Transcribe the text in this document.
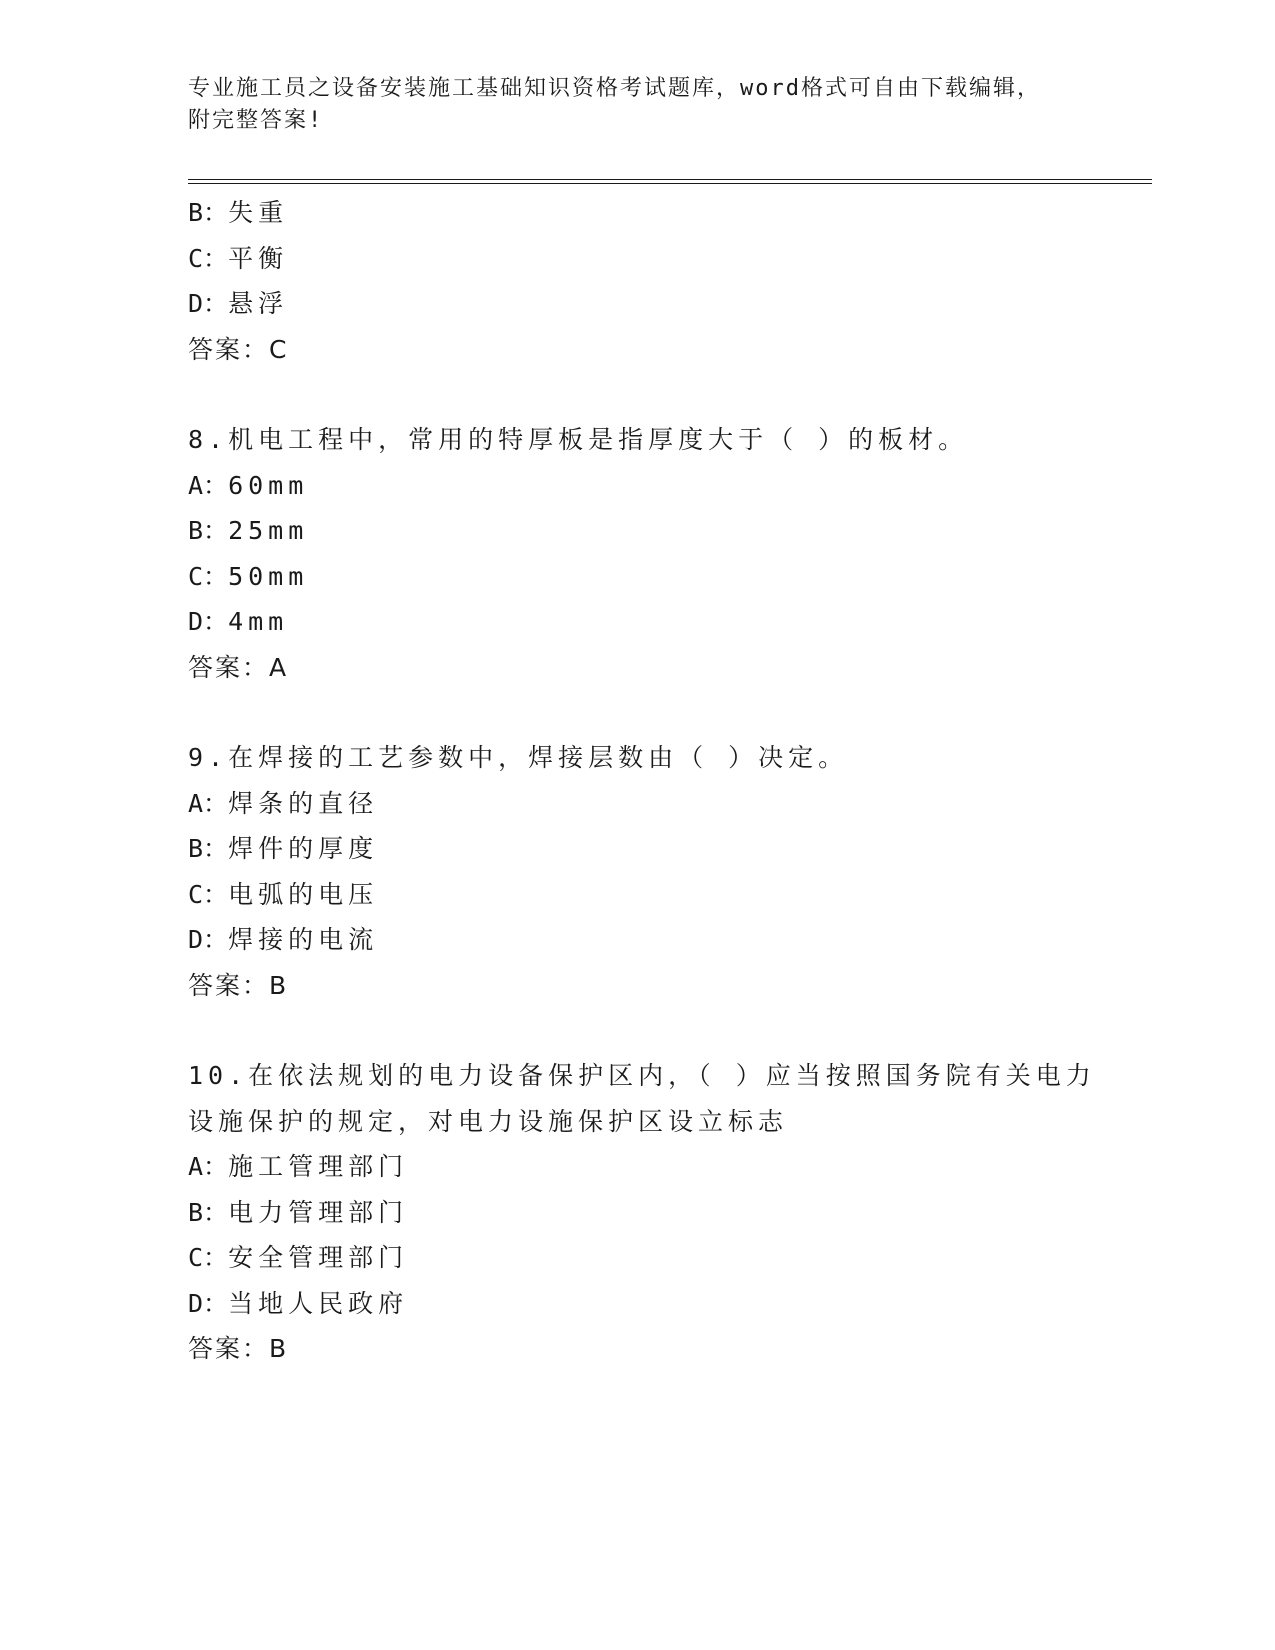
专业施工员之设备安装施工基础知识资格考试题库，word格式可自由下载编辑，
附完整答案!
B：失重
C：平衡
D：悬浮
答案：C
8.机电工程中，常用的特厚板是指厚度大于（ ）的板材。
A：60mm
B：25mm
C：50mm
D：4mm
答案：A
9.在焊接的工艺参数中，焊接层数由（ ）决定。
A：焊条的直径
B：焊件的厚度
C：电弧的电压
D：焊接的电流
答案：B
10.在依法规划的电力设备保护区内，（ ）应当按照国务院有关电力
设施保护的规定，对电力设施保护区设立标志
A：施工管理部门
B：电力管理部门
C：安全管理部门
D：当地人民政府
答案：B
